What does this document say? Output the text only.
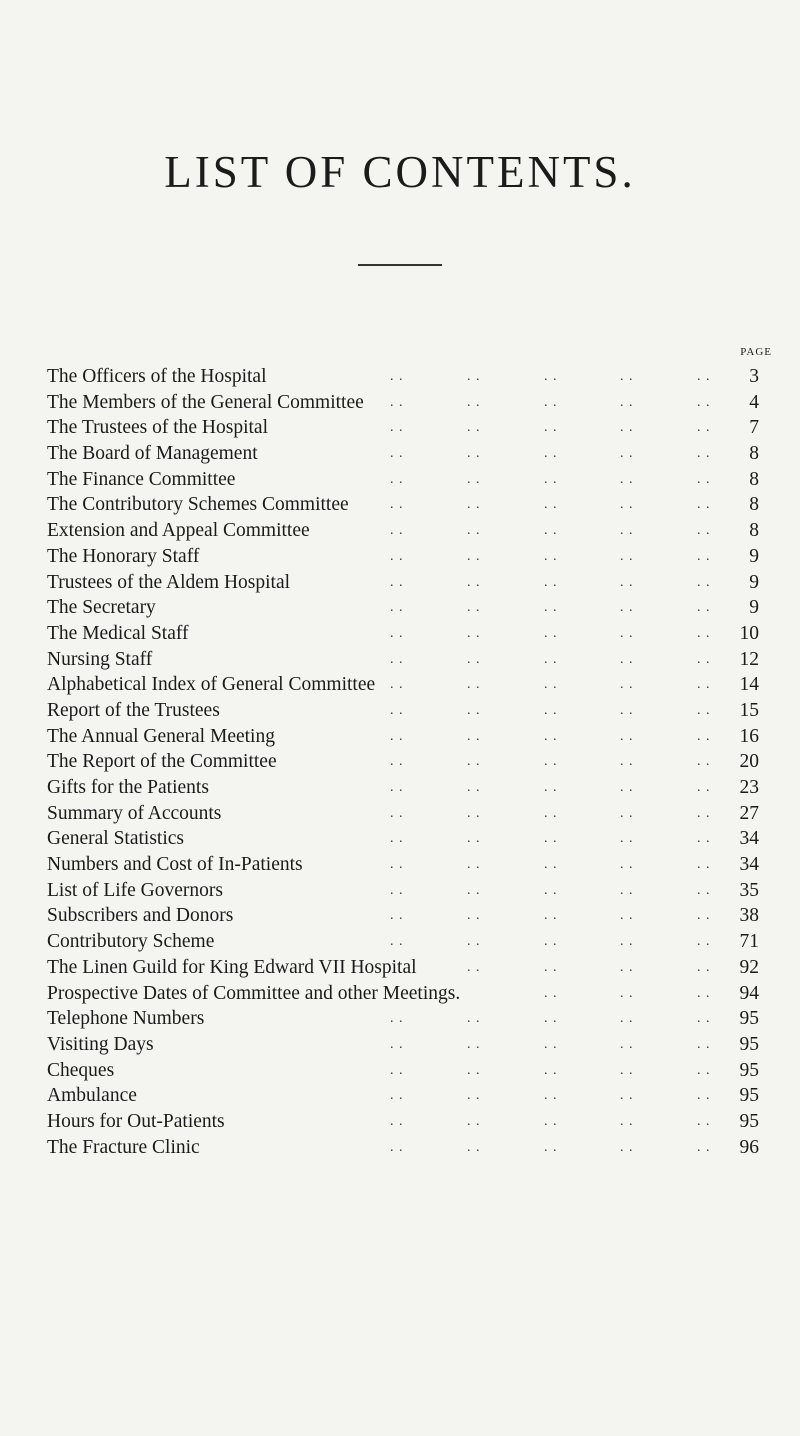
LIST OF CONTENTS.
PAGE
The Officers of the Hospital	3
. .	. .	. .	. .	. .
The Members of the General Committee	4
. .	. .	. .	. .	. .
The Trustees of the Hospital	7
. .	. .	. .	. .	. .
The Board of Management	8
. .	. .	. .	. .	. .
The Finance Committee	8
. .	. .	. .	. .	. .
The Contributory Schemes Committee	8
. .	. .	. .	. .	. .
Extension and Appeal Committee	8
. .	. .	. .	. .	. .
The Honorary Staff	9
. .	. .	. .	. .	. .
Trustees of the Aldem Hospital	9
. .	. .	. .	. .	. .
The Secretary	9
. .	. .	. .	. .	. .
The Medical Staff	10
. .	. .	. .	. .	. .
Nursing Staff	12
. .	. .	. .	. .	. .
Alphabetical Index of General Committee	14
. .	. .	. .	. .	. .
Report of the Trustees	15
. .	. .	. .	. .	. .
The Annual General Meeting	16
. .	. .	. .	. .	. .
The Report of the Committee	20
. .	. .	. .	. .	. .
Gifts for the Patients	23
. .	. .	. .	. .	. .
Summary of Accounts	27
. .	. .	. .	. .	. .
General Statistics	34
. .	. .	. .	. .	. .
Numbers and Cost of In-Patients	34
. .	. .	. .	. .	. .
List of Life Governors	35
. .	. .	. .	. .	. .
Subscribers and Donors	38
. .	. .	. .	. .	. .
Contributory Scheme	71
. .	. .	. .	. .	. .
The Linen Guild for King Edward VII Hospital	92
. .	. .	. .	. .
Prospective Dates of Committee and other Meetings.	94
. .	. .	. .
Telephone Numbers	95
. .	. .	. .	. .	. .
Visiting Days	95
. .	. .	. .	. .	. .
Cheques	95
. .	. .	. .	. .	. .
Ambulance	95
. .	. .	. .	. .	. .
Hours for Out-Patients	95
. .	. .	. .	. .	. .
The Fracture Clinic	96
. .	. .	. .	. .	. .
